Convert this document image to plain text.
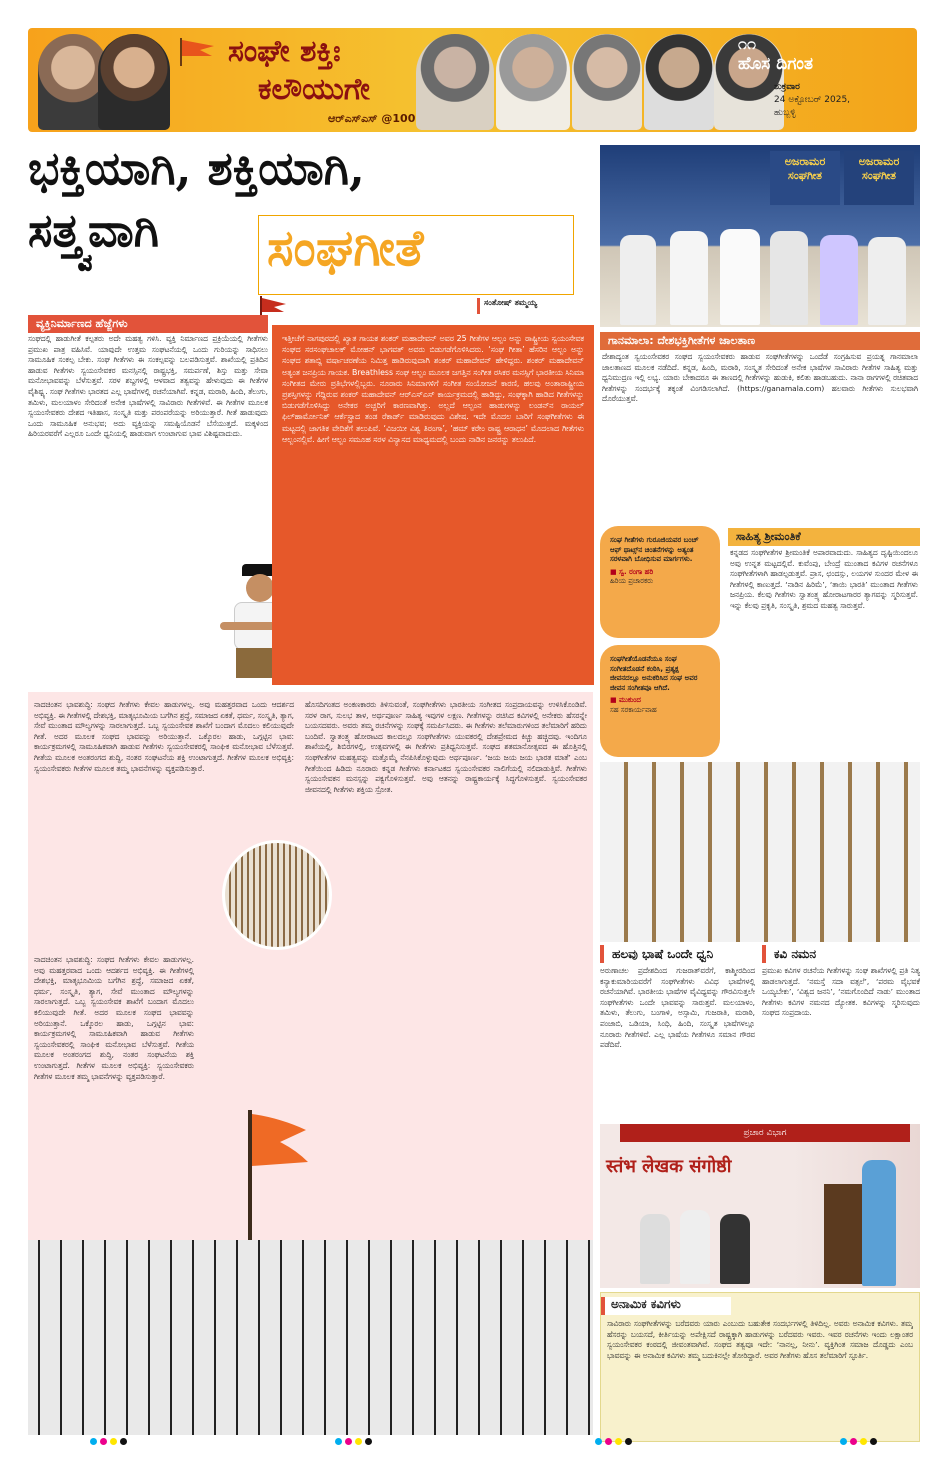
ಸಂಘೇ ಶಕ್ತಿಃ
ಕಲೌಯುಗೇ
ಆರ್‌ಎಸ್‌ಎಸ್ @100
೧೧
ಹೊಸ ದಿಗಂತ
ಶುಕ್ರವಾರ
24 ಅಕ್ಟೋಬರ್ 2025,
ಹುಬ್ಬಳ್ಳಿ
ಭಕ್ತಿಯಾಗಿ, ಶಕ್ತಿಯಾಗಿ,
ಸತ್ತ್ವವಾಗಿ ಸಂಘಗೀತೆ
ಸಂತೋಷ್ ತಮ್ಮಯ್ಯ
ವ್ಯಕ್ತಿನಿರ್ಮಾಣದ ಹೆಜ್ಜೆಗಳು
ಸಂಘದಲ್ಲಿ ಹಾಡುಗೀತೆ ಕಲ್ಪತರು ಅದೇ ಮಹತ್ವ ಗಳಿಸಿ. ವ್ಯಕ್ತಿ ನಿರ್ಮಾಣದ ಪ್ರಕ್ರಿಯೆಯಲ್ಲಿ ಗೀತೆಗಳು ಪ್ರಮುಖ ಪಾತ್ರ ವಹಿಸಿವೆ. ಯಾವುದೇ ಉತ್ತಮ ಸಂಘಟನೆಯಲ್ಲಿ ಒಂದು ಗುರಿಯನ್ನು ಸಾಧಿಸಲು ಸಾಮೂಹಿಕ ಸಂಕಲ್ಪ ಬೇಕು. ಸಂಘ ಗೀತೆಗಳು ಈ ಸಂಕಲ್ಪವನ್ನು ಬಲಪಡಿಸುತ್ತವೆ. ಶಾಖೆಯಲ್ಲಿ ಪ್ರತಿದಿನ ಹಾಡುವ ಗೀತೆಗಳು ಸ್ವಯಂಸೇವಕರ ಮನಸ್ಸಿನಲ್ಲಿ ರಾಷ್ಟ್ರಭಕ್ತಿ, ಸಮರ್ಪಣೆ, ಶಿಸ್ತು ಮತ್ತು ಸೇವಾ ಮನೋಭಾವವನ್ನು ಬೆಳೆಸುತ್ತವೆ. ಸರಳ ಶಬ್ದಗಳಲ್ಲಿ ಆಳವಾದ ತತ್ವವನ್ನು ಹೇಳುವುದು ಈ ಗೀತೆಗಳ ವೈಶಿಷ್ಟ್ಯ. ಸಂಘ ಗೀತೆಗಳು ಭಾರತದ ಎಲ್ಲ ಭಾಷೆಗಳಲ್ಲಿ ರಚನೆಯಾಗಿವೆ. ಕನ್ನಡ, ಮರಾಠಿ, ಹಿಂದಿ, ತೆಲುಗು, ತಮಿಳು, ಮಲಯಾಳಂ ಸೇರಿದಂತೆ ಅನೇಕ ಭಾಷೆಗಳಲ್ಲಿ ಸಾವಿರಾರು ಗೀತೆಗಳಿವೆ. ಈ ಗೀತೆಗಳ ಮೂಲಕ ಸ್ವಯಂಸೇವಕರು ದೇಶದ ಇತಿಹಾಸ, ಸಂಸ್ಕೃತಿ ಮತ್ತು ಪರಂಪರೆಯನ್ನು ಅರಿಯುತ್ತಾರೆ. ಗೀತೆ ಹಾಡುವುದು ಒಂದು ಸಾಮೂಹಿಕ ಅನುಭವ; ಅದು ವ್ಯಕ್ತಿಯನ್ನು ಸಮಷ್ಟಿಯೊಡನೆ ಬೆಸೆಯುತ್ತದೆ. ಮಕ್ಕಳಿಂದ ಹಿರಿಯರವರೆಗೆ ಎಲ್ಲರೂ ಒಂದೇ ಧ್ವನಿಯಲ್ಲಿ ಹಾಡುವಾಗ ಉಂಟಾಗುವ ಭಾವ ವಿಶಿಷ್ಟವಾದುದು.
ಇತ್ತೀಚೆಗೆ ನಾಗಪುರದಲ್ಲಿ ಖ್ಯಾತ ಗಾಯಕ ಶಂಕರ್ ಮಹಾದೇವನ್ ಅವರ 25 ಗೀತೆಗಳ ಆಲ್ಬಂ ಅನ್ನು ರಾಷ್ಟ್ರೀಯ ಸ್ವಯಂಸೇವಕ ಸಂಘದ ಸರಸಂಘಚಾಲಕ್ ಮೋಹನ್ ಭಾಗವತ್ ಅವರು ಬಿಡುಗಡೆಗೊಳಿಸಿದರು. ‘ಸಂಘ ಗೀತಾ’ ಹೆಸರಿನ ಆಲ್ಬಂ ಅನ್ನು ಸಂಘದ ಶತಾಬ್ದಿ ವರ್ಷಾಚರಣೆಯ ನಿಮಿತ್ತ ಹಾಡಿರುವುದಾಗಿ ಶಂಕರ್ ಮಹಾದೇವನ್ ಹೇಳಿದ್ದರು. ಶಂಕರ್ ಮಹಾದೇವನ್ ಅತ್ಯಂತ ಜನಪ್ರಿಯ ಗಾಯಕ. Breathless ಸಂಘ ಆಲ್ಬಂ ಮೂಲಕ ಜಗತ್ತಿನ ಸಂಗೀತ ರಸಿಕರ ಮನಸ್ಸಿಗೆ ಭಾರತೀಯ ಸಿನಿಮಾ ಸಂಗೀತದ ಮೇರು ಪ್ರತಿಭೆಗಳಲ್ಲಿಬ್ಬರು. ನೂರಾರು ಸಿನಿಮಾಗಳಿಗೆ ಸಂಗೀತ ಸಂಯೋಜನೆ ಕಾರಣಿ, ಹಲವು ಅಂತಾರಾಷ್ಟ್ರೀಯ ಪ್ರಶಸ್ತಿಗಳನ್ನು ಗೆದ್ದಿರುವ ಶಂಕರ್ ಮಹಾದೇವನ್ ಆರ್‌ಎಸ್‌ಎಸ್ ಕಾರ್ಯಕ್ರಮದಲ್ಲಿ ಹಾಡಿದ್ದು, ಸಂಘಕ್ಕಾಗಿ ಹಾಡಿದ ಗೀತೆಗಳನ್ನು ಬಿಡುಗಡೆಗೊಳಿಸಿದ್ದು ಅನೇಕರ ಅಚ್ಚರಿಗೆ ಕಾರಣವಾಗಿತ್ತು. ಅಲ್ಲದೆ ಆಲ್ಬಂನ ಹಾಡುಗಳನ್ನು ಲಂಡನ್‌ನ ರಾಯಲ್ ಫಿಲ್‌ಹಾರ್ಮೋನಿಕ್ ಆರ್ಕೆಸ್ಟ್ರಾದ ತಂಡ ರೆಕಾರ್ಡ್ ಮಾಡಿರುವುದು ವಿಶೇಷ. ಇದೇ ಮೊದಲ ಬಾರಿಗೆ ಸಂಘಗೀತೆಗಳು ಈ ಮಟ್ಟದಲ್ಲಿ ಜಾಗತಿಕ ವೇದಿಕೆಗೆ ತಲುಪಿವೆ. ‘ವಿಜಯೀ ವಿಶ್ವ ತಿರಂಗಾ’, ‘ಹಮ್ ಕರೇಂ ರಾಷ್ಟ್ರ ಆರಾಧನ’ ಮೊದಲಾದ ಗೀತೆಗಳು ಆಲ್ಬಂನಲ್ಲಿವೆ. ಹೀಗೆ ಆಲ್ಬಂ ಸಮೂಹ ಸರಳ ವಿನ್ಯಾಸದ ಮಾಧ್ಯಮದಲ್ಲಿ ಬಂದು ನಾಡಿನ ಜನರನ್ನು ತಲುಪಿದೆ.
ನಾದಚಿಂತನ ಭಾವಶುದ್ಧಿ: ಸಂಘದ ಗೀತೆಗಳು ಕೇವಲ ಹಾಡುಗಳಲ್ಲ. ಅವು ಮಹತ್ತರವಾದ ಒಂದು ಆದರ್ಶದ ಅಭಿವ್ಯಕ್ತಿ. ಈ ಗೀತೆಗಳಲ್ಲಿ ದೇಶಭಕ್ತಿ, ಮಾತೃಭೂಮಿಯ ಬಗೆಗಿನ ಶ್ರದ್ಧೆ, ಸಮಾಜದ ಏಕತೆ, ಧರ್ಮ, ಸಂಸ್ಕೃತಿ, ತ್ಯಾಗ, ಸೇವೆ ಮುಂತಾದ ಮೌಲ್ಯಗಳನ್ನು ಸಾರಲಾಗುತ್ತದೆ. ಒಬ್ಬ ಸ್ವಯಂಸೇವಕ ಶಾಖೆಗೆ ಬಂದಾಗ ಮೊದಲು ಕಲಿಯುವುದೇ ಗೀತೆ. ಅದರ ಮೂಲಕ ಸಂಘದ ಭಾವವನ್ನು ಅರಿಯುತ್ತಾನೆ. ಒಕ್ಕೊರಲ ಹಾಡು, ಒಗ್ಗಟ್ಟಿನ ಭಾವ: ಕಾರ್ಯಕ್ರಮಗಳಲ್ಲಿ ಸಾಮೂಹಿಕವಾಗಿ ಹಾಡುವ ಗೀತೆಗಳು ಸ್ವಯಂಸೇವಕರಲ್ಲಿ ಸಾಂಘಿಕ ಮನೋಭಾವ ಬೆಳೆಸುತ್ತವೆ. ಗೀತೆಯ ಮೂಲಕ ಅಂತರಂಗದ ಶುದ್ಧಿ, ನಂತರ ಸಂಘಟನೆಯ ಶಕ್ತಿ ಉಂಟಾಗುತ್ತದೆ. ಗೀತೆಗಳ ಮೂಲಕ ಅಭಿವ್ಯಕ್ತಿ: ಸ್ವಯಂಸೇವಕರು ಗೀತೆಗಳ ಮೂಲಕ ತಮ್ಮ ಭಾವನೆಗಳನ್ನು ವ್ಯಕ್ತಪಡಿಸುತ್ತಾರೆ.
ಹೊಸದಿಗಂತದ ಅಂಕಣಕಾರರು ತಿಳಿಸುವಂತೆ, ಸಂಘಗೀತೆಗಳು ಭಾರತೀಯ ಸಂಗೀತದ ಸಂಪ್ರದಾಯವನ್ನು ಉಳಿಸಿಕೊಂಡಿವೆ. ಸರಳ ರಾಗ, ಸುಲಭ ತಾಳ, ಅರ್ಥಪೂರ್ಣ ಸಾಹಿತ್ಯ ಇವುಗಳ ಲಕ್ಷಣ. ಗೀತೆಗಳನ್ನು ರಚಿಸಿದ ಕವಿಗಳಲ್ಲಿ ಅನೇಕರು ಹೆಸರನ್ನೇ ಬಯಸದವರು. ಅವರು ತಮ್ಮ ರಚನೆಗಳನ್ನು ಸಂಘಕ್ಕೆ ಸಮರ್ಪಿಸಿದರು. ಈ ಗೀತೆಗಳು ತಲೆಮಾರುಗಳಿಂದ ತಲೆಮಾರಿಗೆ ಹರಿದು ಬಂದಿವೆ. ಸ್ವಾತಂತ್ರ್ಯ ಹೋರಾಟದ ಕಾಲದಲ್ಲೂ ಸಂಘಗೀತೆಗಳು ಯುವಕರಲ್ಲಿ ದೇಶಪ್ರೇಮದ ಕಿಚ್ಚು ಹಚ್ಚಿದವು. ಇಂದಿಗೂ ಶಾಖೆಯಲ್ಲಿ, ಶಿಬಿರಗಳಲ್ಲಿ, ಉತ್ಸವಗಳಲ್ಲಿ ಈ ಗೀತೆಗಳು ಪ್ರತಿಧ್ವನಿಸುತ್ತವೆ. ಸಂಘದ ಶತಮಾನೋತ್ಸವದ ಈ ಹೊತ್ತಿನಲ್ಲಿ ಸಂಘಗೀತೆಗಳ ಮಹತ್ವವನ್ನು ಮತ್ತೊಮ್ಮೆ ನೆನಪಿಸಿಕೊಳ್ಳುವುದು ಅರ್ಥಪೂರ್ಣ. ‘ಜಯ ಜಯ ಜಯ ಭಾರತ ಮಾತೆ’ ಎಂಬ ಗೀತೆಯಿಂದ ಹಿಡಿದು ನೂರಾರು ಕನ್ನಡ ಗೀತೆಗಳು ಕರ್ನಾಟಕದ ಸ್ವಯಂಸೇವಕರ ನಾಲಿಗೆಯಲ್ಲಿ ನಲಿದಾಡುತ್ತಿವೆ. ಗೀತೆಗಳು ಸ್ವಯಂಸೇವಕನ ಮನಸ್ಸನ್ನು ಪಕ್ವಗೊಳಿಸುತ್ತವೆ. ಅವು ಆತನನ್ನು ರಾಷ್ಟ್ರಕಾರ್ಯಕ್ಕೆ ಸಿದ್ಧಗೊಳಿಸುತ್ತವೆ. ಸ್ವಯಂಸೇವಕರ ಜೀವನದಲ್ಲಿ ಗೀತೆಗಳು ಶಕ್ತಿಯ ಸ್ರೋತ.
ನಾದಚಿಂತನ ಭಾವಶುದ್ಧಿ: ಸಂಘದ ಗೀತೆಗಳು ಕೇವಲ ಹಾಡುಗಳಲ್ಲ. ಅವು ಮಹತ್ತರವಾದ ಒಂದು ಆದರ್ಶದ ಅಭಿವ್ಯಕ್ತಿ. ಈ ಗೀತೆಗಳಲ್ಲಿ ದೇಶಭಕ್ತಿ, ಮಾತೃಭೂಮಿಯ ಬಗೆಗಿನ ಶ್ರದ್ಧೆ, ಸಮಾಜದ ಏಕತೆ, ಧರ್ಮ, ಸಂಸ್ಕೃತಿ, ತ್ಯಾಗ, ಸೇವೆ ಮುಂತಾದ ಮೌಲ್ಯಗಳನ್ನು ಸಾರಲಾಗುತ್ತದೆ. ಒಬ್ಬ ಸ್ವಯಂಸೇವಕ ಶಾಖೆಗೆ ಬಂದಾಗ ಮೊದಲು ಕಲಿಯುವುದೇ ಗೀತೆ. ಅದರ ಮೂಲಕ ಸಂಘದ ಭಾವವನ್ನು ಅರಿಯುತ್ತಾನೆ. ಒಕ್ಕೊರಲ ಹಾಡು, ಒಗ್ಗಟ್ಟಿನ ಭಾವ: ಕಾರ್ಯಕ್ರಮಗಳಲ್ಲಿ ಸಾಮೂಹಿಕವಾಗಿ ಹಾಡುವ ಗೀತೆಗಳು ಸ್ವಯಂಸೇವಕರಲ್ಲಿ ಸಾಂಘಿಕ ಮನೋಭಾವ ಬೆಳೆಸುತ್ತವೆ. ಗೀತೆಯ ಮೂಲಕ ಅಂತರಂಗದ ಶುದ್ಧಿ, ನಂತರ ಸಂಘಟನೆಯ ಶಕ್ತಿ ಉಂಟಾಗುತ್ತದೆ. ಗೀತೆಗಳ ಮೂಲಕ ಅಭಿವ್ಯಕ್ತಿ: ಸ್ವಯಂಸೇವಕರು ಗೀತೆಗಳ ಮೂಲಕ ತಮ್ಮ ಭಾವನೆಗಳನ್ನು ವ್ಯಕ್ತಪಡಿಸುತ್ತಾರೆ.
ಅಜರಾಮರ ಸಂಘಗೀತ
ಅಜರಾಮರ ಸಂಘಗೀತ
ಗಾನಮಾಲಾ: ದೇಶಭಕ್ತಿಗೀತೆಗಳ ಜಾಲತಾಣ
ದೇಶಾದ್ಯಂತ ಸ್ವಯಂಸೇವಕರ ಸಂಘದ ಸ್ವಯಂಸೇವಕರು ಹಾಡುವ ಸಂಘಗೀತೆಗಳನ್ನು ಒಂದೆಡೆ ಸಂಗ್ರಹಿಸುವ ಪ್ರಯತ್ನ ಗಾನಮಾಲಾ ಜಾಲತಾಣದ ಮೂಲಕ ನಡೆದಿದೆ. ಕನ್ನಡ, ಹಿಂದಿ, ಮರಾಠಿ, ಸಂಸ್ಕೃತ ಸೇರಿದಂತೆ ಅನೇಕ ಭಾಷೆಗಳ ಸಾವಿರಾರು ಗೀತೆಗಳ ಸಾಹಿತ್ಯ ಮತ್ತು ಧ್ವನಿಮುದ್ರಣ ಇಲ್ಲಿ ಲಭ್ಯ. ಯಾರು ಬೇಕಾದರೂ ಈ ತಾಣದಲ್ಲಿ ಗೀತೆಗಳನ್ನು ಹುಡುಕಿ, ಕಲಿತು ಹಾಡಬಹುದು. ನಾನಾ ರಾಗಗಳಲ್ಲಿ ರಚಿತವಾದ ಗೀತೆಗಳನ್ನು ಸಂದರ್ಭಕ್ಕೆ ತಕ್ಕಂತೆ ವಿಂಗಡಿಸಲಾಗಿದೆ. (https://ganamala.com) ಹಲವಾರು ಗೀತೆಗಳು ಸುಲಭವಾಗಿ ದೊರೆಯುತ್ತವೆ.
ಸಂಘ ಗೀತೆಗಳು ಗುರೂಜಿಯವರ ಬಂಚ್ ಆಫ್ ಥಾಟ್ಸ್‌ನ ಚಿಂತನೆಗಳನ್ನು ಅತ್ಯಂತ ಸರಳವಾಗಿ ಬೋಧಿಸುವ ಮಾರ್ಗಗಳು.
■ ಸ್ವ. ರಂಗಾ ಹರಿ
ಹಿರಿಯ ಪ್ರಚಾರಕರು
ಸಂಘಗೀತೆಯೊಡನೆಯೂ ಸಂಘ ಸಂಗೀತದೊಡನೆ ಕಂಠಿಸಿ, ಪ್ರತ್ಯಕ್ಷ ಜೀವನದಲ್ಲೂ ಅನುಕರಿಸಿದ ಸಂಘ ಅವರ ಜೀವನ ಸಂಗೀತವೂ ಆಗಿದೆ.
■ ಮುಕುಂದ
ಸಹ ಸರಕಾರ್ಯವಾಹ
ಸಾಹಿತ್ಯ ಶ್ರೀಮಂತಿಕೆ
ಕನ್ನಡದ ಸಂಘಗೀತೆಗಳ ಶ್ರೀಮಂತಿಕೆ ಅಪಾರವಾದುದು. ಸಾಹಿತ್ಯದ ದೃಷ್ಟಿಯಿಂದಲೂ ಅವು ಉನ್ನತ ಮಟ್ಟದಲ್ಲಿವೆ. ಕುವೆಂಪು, ಬೇಂದ್ರೆ ಮುಂತಾದ ಕವಿಗಳ ರಚನೆಗಳೂ ಸಂಘಗೀತೆಗಳಾಗಿ ಹಾಡಲ್ಪಡುತ್ತವೆ. ಪ್ರಾಸ, ಛಂದಸ್ಸು, ಲಯಗಳ ಸುಂದರ ಮೇಳ ಈ ಗೀತೆಗಳಲ್ಲಿ ಕಾಣುತ್ತದೆ. ‘ನಾಡಿನ ಹಿರಿಮೆ’, ‘ತಾಯಿ ಭಾರತಿ’ ಮುಂತಾದ ಗೀತೆಗಳು ಜನಪ್ರಿಯ. ಕೆಲವು ಗೀತೆಗಳು ಸ್ವಾತಂತ್ರ್ಯ ಹೋರಾಟಗಾರರ ತ್ಯಾಗವನ್ನು ಸ್ಮರಿಸುತ್ತವೆ. ಇನ್ನು ಕೆಲವು ಪ್ರಕೃತಿ, ಸಂಸ್ಕೃತಿ, ಶ್ರಮದ ಮಹತ್ವ ಸಾರುತ್ತವೆ.
ಹಲವು ಭಾಷೆ ಒಂದೇ ಧ್ವನಿ
ಅರುಣಾಚಲ ಪ್ರದೇಶದಿಂದ ಗುಜರಾತ್‌ವರೆಗೆ, ಕಾಶ್ಮೀರದಿಂದ ಕನ್ಯಾಕುಮಾರಿಯವರೆಗೆ ಸಂಘಗೀತೆಗಳು ವಿವಿಧ ಭಾಷೆಗಳಲ್ಲಿ ರಚನೆಯಾಗಿವೆ. ಭಾರತೀಯ ಭಾಷೆಗಳ ವೈವಿಧ್ಯವನ್ನು ಗೌರವಿಸುತ್ತಲೇ ಸಂಘಗೀತೆಗಳು ಒಂದೇ ಭಾವವನ್ನು ಸಾರುತ್ತವೆ. ಮಲಯಾಳಂ, ತಮಿಳು, ತೆಲುಗು, ಬಂಗಾಳಿ, ಅಸ್ಸಾಮಿ, ಗುಜರಾತಿ, ಮರಾಠಿ, ಪಂಜಾಬಿ, ಒಡಿಯಾ, ಸಿಂಧಿ, ಹಿಂದಿ, ಸಂಸ್ಕೃತ ಭಾಷೆಗಳಲ್ಲೂ ನೂರಾರು ಗೀತೆಗಳಿವೆ. ಎಲ್ಲ ಭಾಷೆಯ ಗೀತೆಗಳೂ ಸಮಾನ ಗೌರವ ಪಡೆದಿವೆ.
ಕವಿ ನಮನ
ಪ್ರಮುಖ ಕವಿಗಳ ರಚನೆಯ ಗೀತೆಗಳನ್ನು ಸಂಘ ಶಾಖೆಗಳಲ್ಲಿ ಪ್ರತಿ ನಿತ್ಯ ಹಾಡಲಾಗುತ್ತದೆ. ‘ನಮಸ್ತೆ ಸದಾ ವತ್ಸಲೆ’, ‘ಪರಮ ವೈಭವಕೆ ಒಯ್ಯಬೇಕು’, ‘ವಿಶ್ವದ ಜನನಿ’, ‘ನಮಗೊಂದಿದೆ ನಾಡು’ ಮುಂತಾದ ಗೀತೆಗಳು ಕವಿಗಳ ನಮನದ ದ್ಯೋತಕ. ಕವಿಗಳನ್ನು ಸ್ಮರಿಸುವುದು ಸಂಘದ ಸಂಪ್ರದಾಯ.
ಪ್ರಚಾರ ವಿಭಾಗ
स्तंभ लेखक संगोष्ठी
ಅನಾಮಿಕ ಕವಿಗಳು
ಸಾವಿರಾರು ಸಂಘಗೀತೆಗಳನ್ನು ಬರೆದವರು ಯಾರು ಎಂಬುದು ಬಹುತೇಕ ಸಂದರ್ಭಗಳಲ್ಲಿ ತಿಳಿದಿಲ್ಲ. ಅವರು ಅನಾಮಿಕ ಕವಿಗಳು. ತಮ್ಮ ಹೆಸರನ್ನು ಬಯಸದೆ, ಕೀರ್ತಿಯನ್ನು ಅಪೇಕ್ಷಿಸದೆ ರಾಷ್ಟ್ರಕ್ಕಾಗಿ ಹಾಡುಗಳನ್ನು ಬರೆದವರು ಇವರು. ಇವರ ರಚನೆಗಳು ಇಂದು ಲಕ್ಷಾಂತರ ಸ್ವಯಂಸೇವಕರ ಕಂಠದಲ್ಲಿ ಜೀವಂತವಾಗಿವೆ. ಸಂಘದ ತತ್ವವೂ ಇದೇ: ‘ನಾನಲ್ಲ, ನೀನು’. ವ್ಯಕ್ತಿಗಿಂತ ಸಮಾಜ ದೊಡ್ಡದು ಎಂಬ ಭಾವವನ್ನು ಈ ಅನಾಮಿಕ ಕವಿಗಳು ತಮ್ಮ ಬದುಕಿನಲ್ಲೇ ತೋರಿದ್ದಾರೆ. ಅವರ ಗೀತೆಗಳು ಹೊಸ ತಲೆಮಾರಿಗೆ ಸ್ಫೂರ್ತಿ.
